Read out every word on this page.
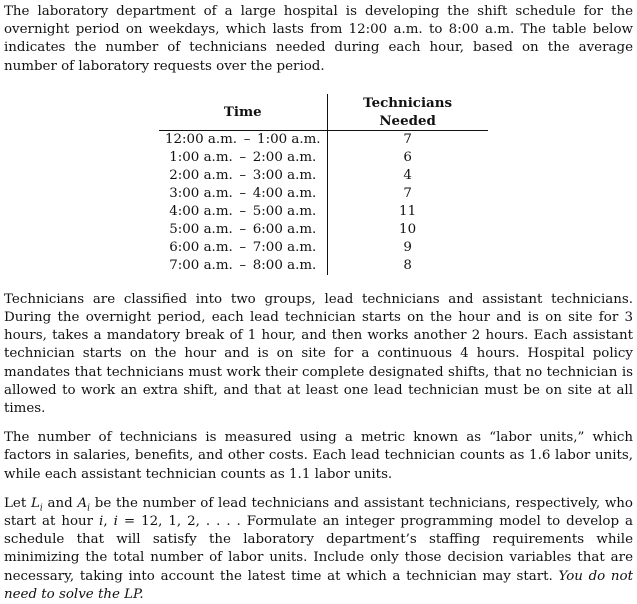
The laboratory department of a large hospital is developing the shift schedule for the overnight period on weekdays, which lasts from 12:00 a.m. to 8:00 a.m. The table below indicates the number of technicians needed during each hour, based on the average number of laboratory requests over the period.

Time	Technicians Needed
12:00 a.m. – 1:00 a.m.	7
1:00 a.m. – 2:00 a.m.	6
2:00 a.m. – 3:00 a.m.	4
3:00 a.m. – 4:00 a.m.	7
4:00 a.m. – 5:00 a.m.	11
5:00 a.m. – 6:00 a.m.	10
6:00 a.m. – 7:00 a.m.	9
7:00 a.m. – 8:00 a.m.	8

Technicians are classified into two groups, lead technicians and assistant technicians. During the overnight period, each lead technician starts on the hour and is on site for 3 hours, takes a mandatory break of 1 hour, and then works another 2 hours. Each assistant technician starts on the hour and is on site for a continuous 4 hours. Hospital policy mandates that technicians must work their complete designated shifts, that no technician is allowed to work an extra shift, and that at least one lead technician must be on site at all times.

The number of technicians is measured using a metric known as “labor units,” which factors in salaries, benefits, and other costs. Each lead technician counts as 1.6 labor units, while each assistant technician counts as 1.1 labor units.

Let $L_i$ and $A_i$ be the number of lead technicians and assistant technicians, respectively, who start at hour i, i = 12, 1, 2, . . . . Formulate an integer programming model to develop a schedule that will satisfy the laboratory department’s staffing requirements while minimizing the total number of labor units. Include only those decision variables that are necessary, taking into account the latest time at which a technician may start. You do not need to solve the LP.
